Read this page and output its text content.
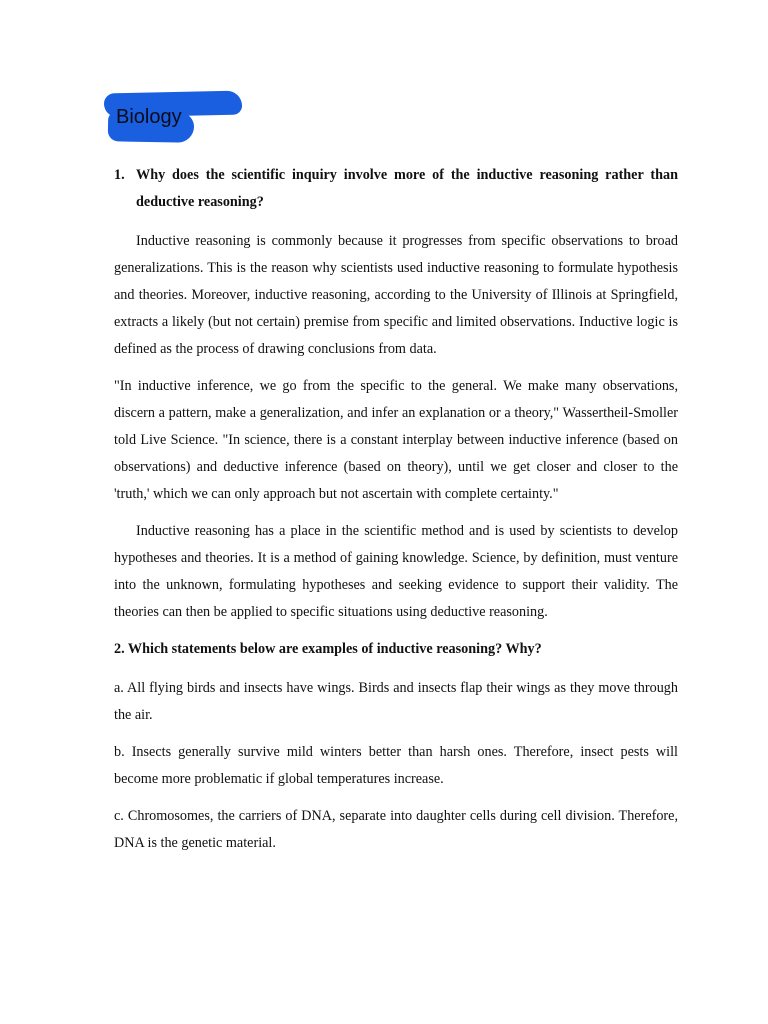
Biology
1. Why does the scientific inquiry involve more of the inductive reasoning rather than deductive reasoning?

Inductive reasoning is commonly because it progresses from specific observations to broad generalizations. This is the reason why scientists used inductive reasoning to formulate hypothesis and theories. Moreover, inductive reasoning, according to the University of Illinois at Springfield, extracts a likely (but not certain) premise from specific and limited observations. Inductive logic is defined as the process of drawing conclusions from data.

"In inductive inference, we go from the specific to the general. We make many observations, discern a pattern, make a generalization, and infer an explanation or a theory," Wassertheil-Smoller told Live Science. "In science, there is a constant interplay between inductive inference (based on observations) and deductive inference (based on theory), until we get closer and closer to the 'truth,' which we can only approach but not ascertain with complete certainty."

Inductive reasoning has a place in the scientific method and is used by scientists to develop hypotheses and theories. It is a method of gaining knowledge. Science, by definition, must venture into the unknown, formulating hypotheses and seeking evidence to support their validity. The theories can then be applied to specific situations using deductive reasoning.

2. Which statements below are examples of inductive reasoning? Why?

a. All flying birds and insects have wings. Birds and insects flap their wings as they move through the air.

b. Insects generally survive mild winters better than harsh ones. Therefore, insect pests will become more problematic if global temperatures increase.

c. Chromosomes, the carriers of DNA, separate into daughter cells during cell division. Therefore, DNA is the genetic material.
